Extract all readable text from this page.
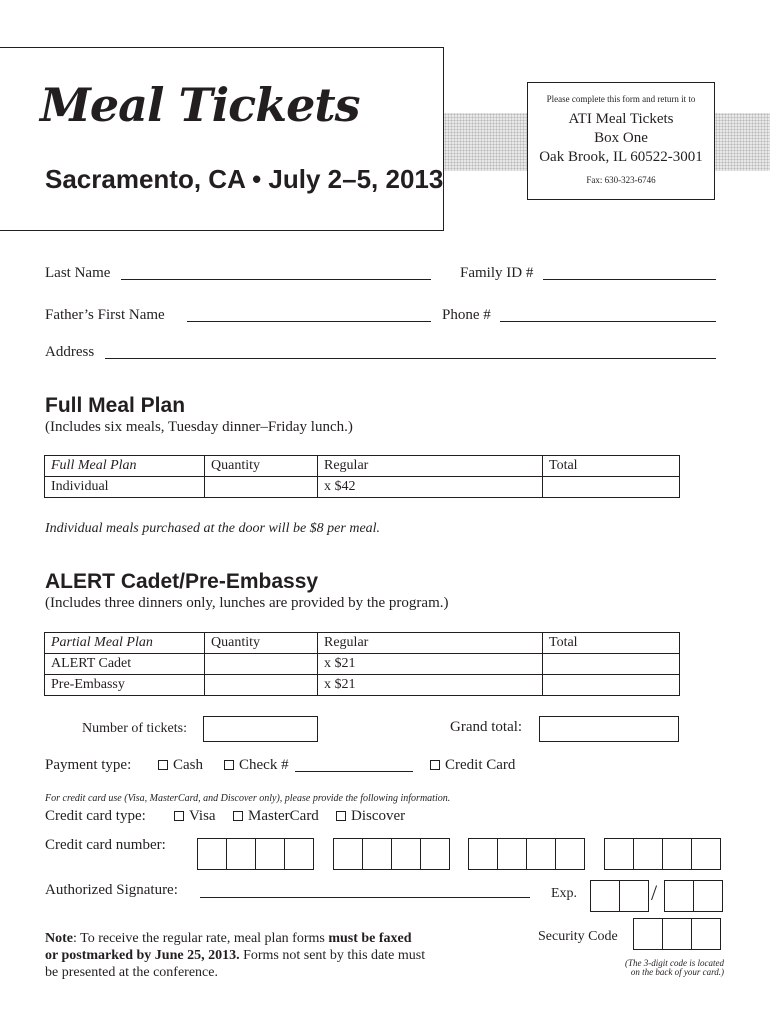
Meal Tickets
Sacramento, CA • July 2–5, 2013
Please complete this form and return it to
ATI Meal Tickets
Box One
Oak Brook, IL 60522-3001
Fax: 630-323-6746
Last Name	Family ID #
Father’s First Name	Phone #
Address
Full Meal Plan
(Includes six meals, Tuesday dinner–Friday lunch.)
Full Meal Plan	Quantity	Regular	Total
Individual		x $42	
Individual meals purchased at the door will be $8 per meal.
ALERT Cadet/Pre-Embassy
(Includes three dinners only, lunches are provided by the program.)
Partial Meal Plan	Quantity	Regular	Total
ALERT Cadet		x $21	
Pre-Embassy		x $21	
Number of tickets:	Grand total:
Payment type:	Cash	Check #	Credit Card
For credit card use (Visa, MasterCard, and Discover only), please provide the following information.
Credit card type:	Visa	MasterCard	Discover
Credit card number:
Authorized Signature:	Exp.	/
Security Code
(The 3-digit code is located
on the back of your card.)
Note: To receive the regular rate, meal plan forms must be faxed
or postmarked by June 25, 2013. Forms not sent by this date must
be presented at the conference.
